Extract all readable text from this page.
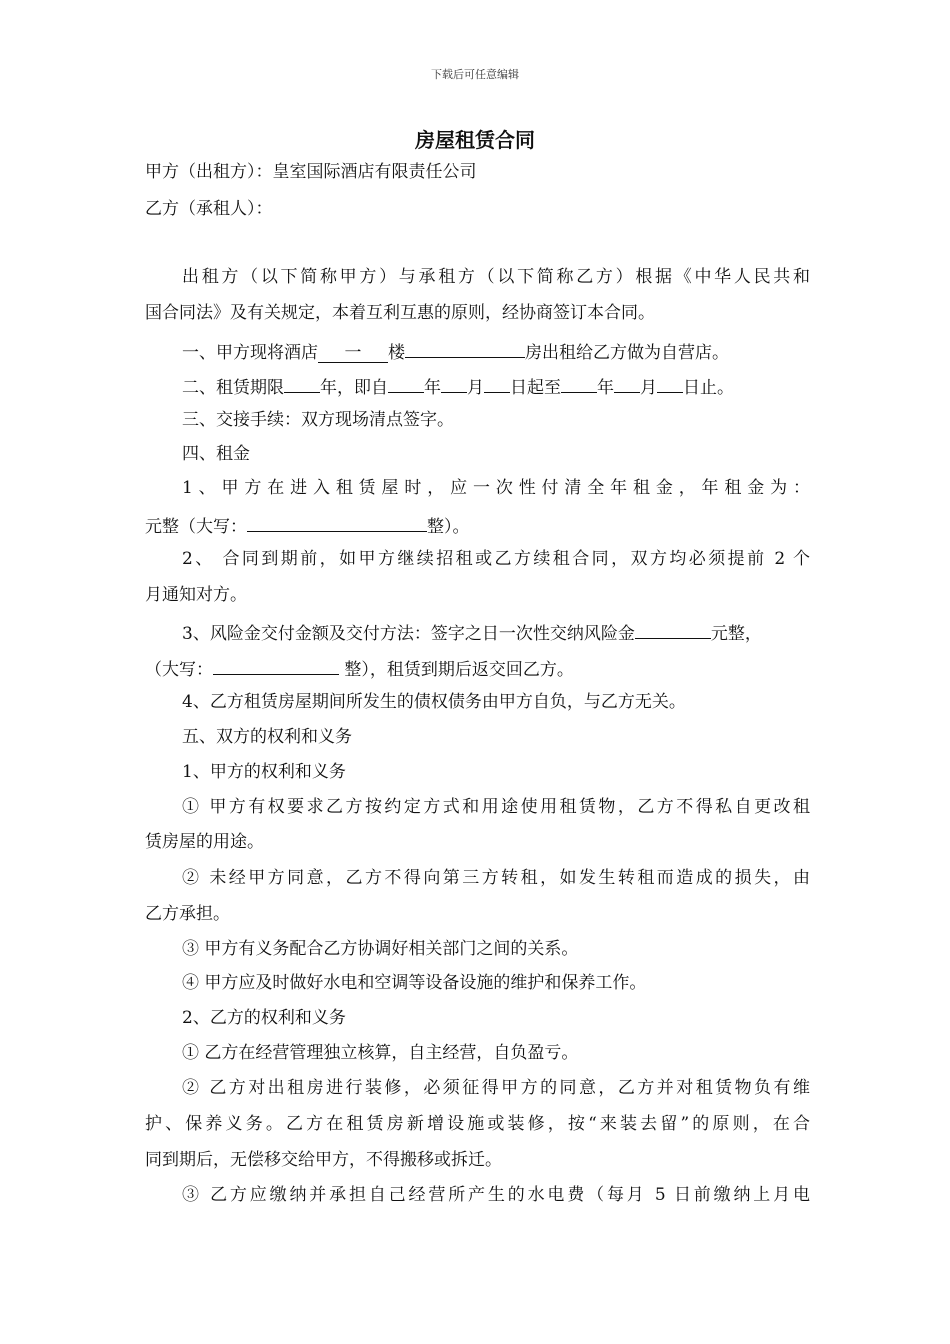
下载后可任意编辑
房屋租赁合同
甲方（出租方）：皇室国际酒店有限责任公司
乙方（承租人）：
出租方（以下简称甲方）与承租方（以下简称乙方）根据《中华人民共和
国合同法》及有关规定，本着互利互惠的原则，经协商签订本合同。
一、甲方现将酒店 一 楼	房出租给乙方做为自营店。
二、租赁期限 年，即自 年 月 日起至 年 月 日止。
三、交接手续：双方现场清点签字。
四、租金
1、甲方在进入租赁屋时，应一次性付清全年租金，年租金为：
元整（大写：	整）。
2、 合同到期前，如甲方继续招租或乙方续租合同，双方均必须提前 2 个
月通知对方。
3、风险金交付金额及交付方法：签字之日一次性交纳风险金	元整，
（大写：	整），租赁到期后返交回乙方。
4、乙方租赁房屋期间所发生的债权债务由甲方自负，与乙方无关。
五、双方的权利和义务
1、甲方的权利和义务
① 甲方有权要求乙方按约定方式和用途使用租赁物，乙方不得私自更改租
赁房屋的用途。
② 未经甲方同意，乙方不得向第三方转租，如发生转租而造成的损失，由
乙方承担。
③ 甲方有义务配合乙方协调好相关部门之间的关系。
④ 甲方应及时做好水电和空调等设备设施的维护和保养工作。
2、乙方的权利和义务
① 乙方在经营管理独立核算，自主经营，自负盈亏。
② 乙方对出租房进行装修，必须征得甲方的同意，乙方并对租赁物负有维
护、保养义务。乙方在租赁房新增设施或装修，按“来装去留”的原则，在合
同到期后，无偿移交给甲方，不得搬移或拆迁。
③ 乙方应缴纳并承担自己经营所产生的水电费（每月 5 日前缴纳上月电
